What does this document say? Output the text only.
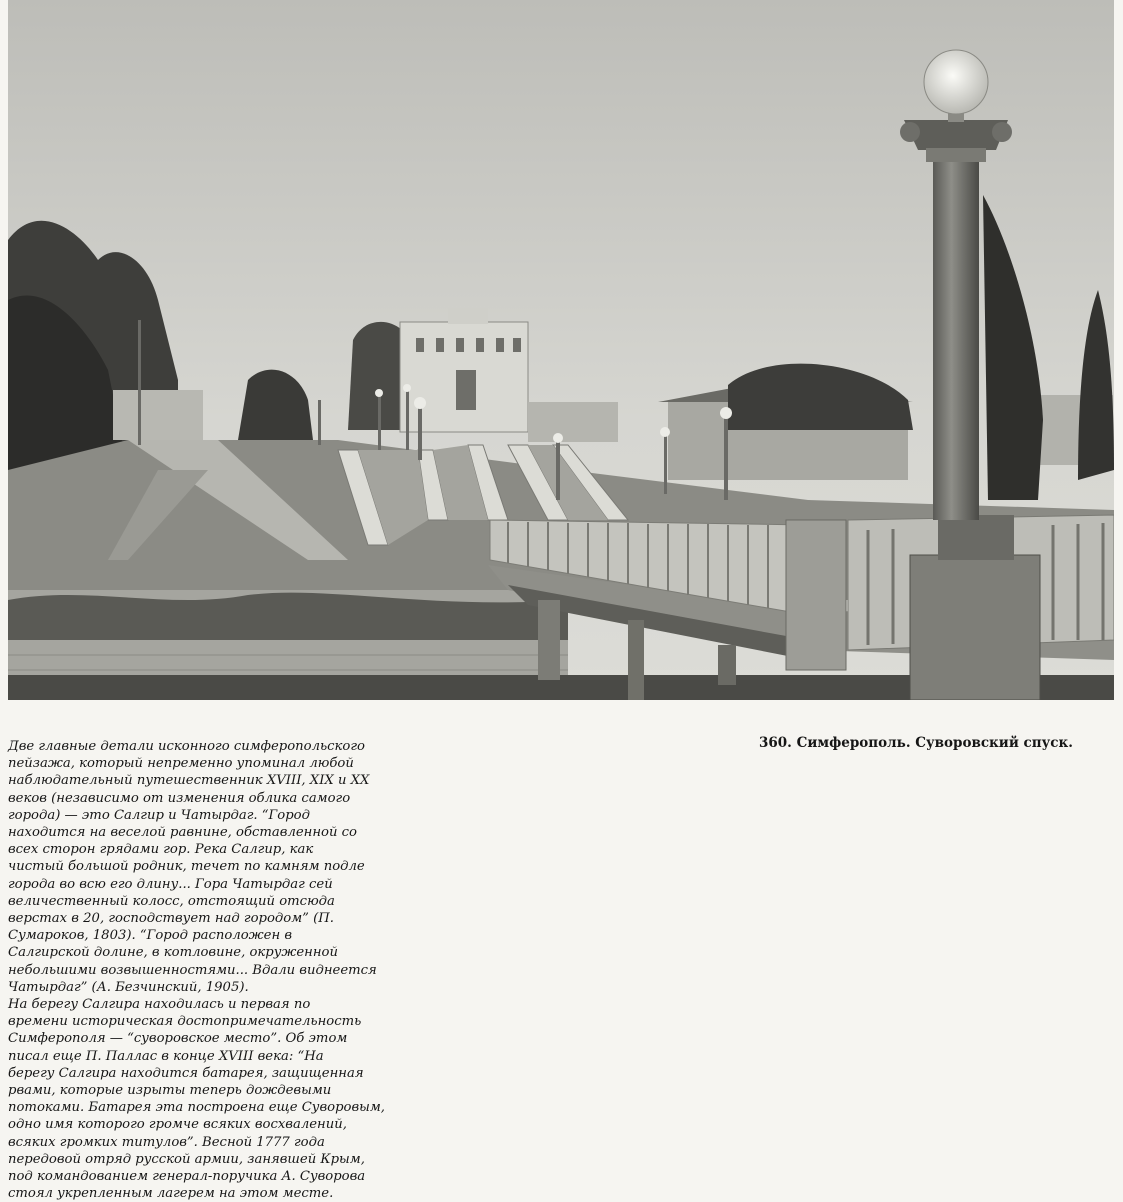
Две главные детали исконного симферопольского
пейзажа, который непременно упоминал любой
наблюдательный путешественник XVIII, XIX и XX
веков (независимо от изменения облика самого
города) — это Салгир и Чатырдаг. “Город
находится на веселой равнине, обставленной со
всех сторон грядами гор. Река Салгир, как
чистый большой родник, течет по камням подле
города во всю его длину... Гора Чатырдаг сей
величественный колосс, отстоящий отсюда
верстах в 20, господствует над городом” (П.
Сумароков, 1803). “Город расположен в
Салгирской долине, в котловине, окруженной
небольшими возвышенностями... Вдали виднеется
Чатырдаг” (А. Безчинский, 1905).
На берегу Салгира находилась и первая по
времени историческая достопримечательность
Симферополя — “суворовское место”. Об этом
писал еще П. Паллас в конце XVIII века: “На
берегу Салгира находится батарея, защищенная
рвами, которые изрыты теперь дождевыми
потоками. Батарея эта построена еще Суворовым,
одно имя которого громче всяких восхвалений,
всяких громких титулов”. Весной 1777 года
передовой отряд русской армии, занявшей Крым,
под командованием генерал-поручика А. Суворова
стоял укрепленным лагерем на этом месте.

360. Симферополь. Суворовский спуск.
